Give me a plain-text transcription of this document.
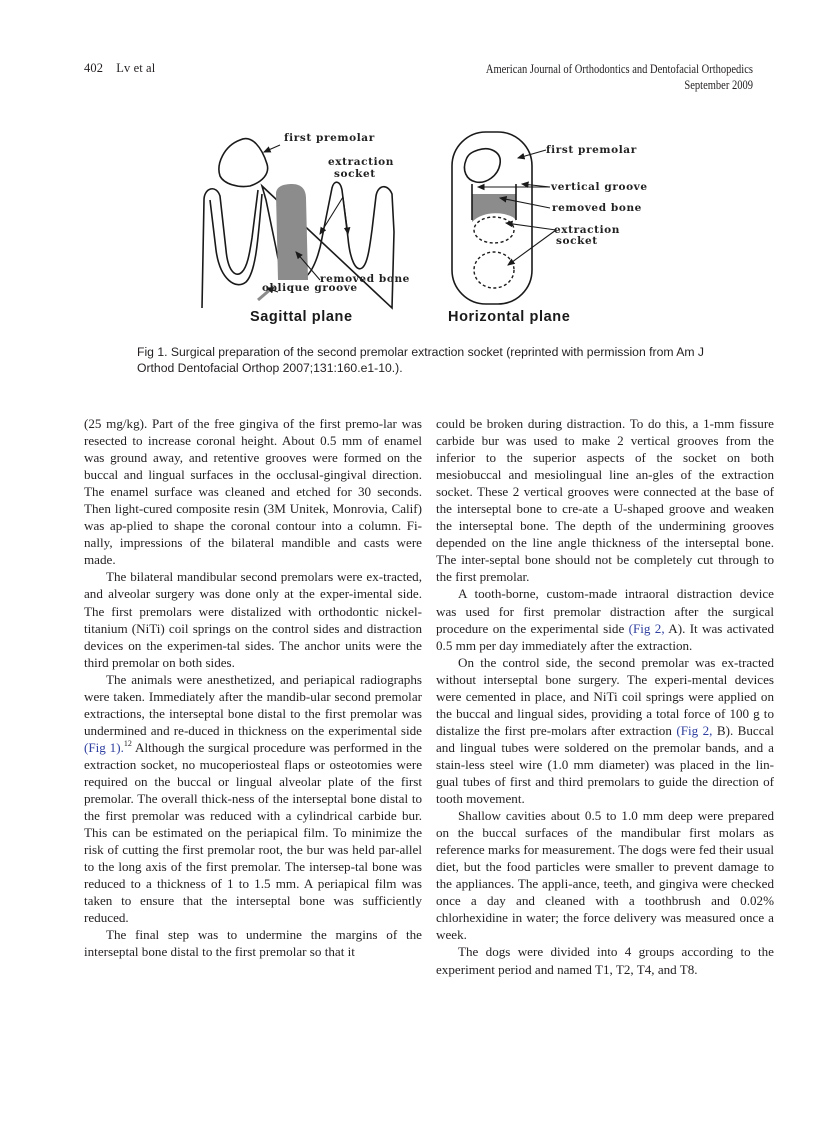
402 Lv et al	American Journal of Orthodontics and Dentofacial Orthopedics
September 2009
first premolar
extraction
socket
removed bone
oblique groove
Sagittal plane
first premolar
vertical groove
removed bone
extraction
socket
Horizontal plane
Fig 1. Surgical preparation of the second premolar extraction socket (reprinted with permission from Am J Orthod Dentofacial Orthop 2007;131:160.e1-10.).

(25 mg/kg). Part of the free gingiva of the first premo-lar was resected to increase coronal height. About 0.5 mm of enamel was ground away, and retentive grooves were formed on the buccal and lingual surfaces in the occlusal-gingival direction. The enamel surface was cleaned and etched for 30 seconds. Then light-cured composite resin (3M Unitek, Monrovia, Calif) was ap-plied to shape the coronal contour into a column. Fi-nally, impressions of the bilateral mandible and casts were made.

The bilateral mandibular second premolars were ex-tracted, and alveolar surgery was done only at the exper-imental side. The first premolars were distalized with orthodontic nickel-titanium (NiTi) coil springs on the control sides and distraction devices on the experimen-tal sides. The anchor units were the third premolar on both sides.

The animals were anesthetized, and periapical radiographs were taken. Immediately after the mandib-ular second premolar extractions, the interseptal bone distal to the first premolar was undermined and re-duced in thickness on the experimental side (Fig 1).$^{12}$ Although the surgical procedure was performed in the extraction socket, no mucoperiosteal flaps or osteotomies were required on the buccal or lingual alveolar plate of the first premolar. The overall thick-ness of the interseptal bone distal to the first premolar was reduced with a cylindrical carbide bur. This can be estimated on the periapical film. To minimize the risk of cutting the first premolar root, the bur was held par-allel to the long axis of the first premolar. The intersep-tal bone was reduced to a thickness of 1 to 1.5 mm. A periapical film was taken to ensure that the interseptal bone was sufficiently reduced.

The final step was to undermine the margins of the interseptal bone distal to the first premolar so that it

could be broken during distraction. To do this, a 1-mm fissure carbide bur was used to make 2 vertical grooves from the inferior to the superior aspects of the socket on both mesiobuccal and mesiolingual line an-gles of the extraction socket. These 2 vertical grooves were connected at the base of the interseptal bone to cre-ate a U-shaped groove and weaken the interseptal bone. The depth of the undermining grooves depended on the line angle thickness of the interseptal bone. The inter-septal bone should not be completely cut through to the first premolar.

A tooth-borne, custom-made intraoral distraction device was used for first premolar distraction after the surgical procedure on the experimental side (Fig 2, A). It was activated 0.5 mm per day immediately after the extraction.

On the control side, the second premolar was ex-tracted without interseptal bone surgery. The experi-mental devices were cemented in place, and NiTi coil springs were applied on the buccal and lingual sides, providing a total force of 100 g to distalize the first pre-molars after extraction (Fig 2, B). Buccal and lingual tubes were soldered on the premolar bands, and a stain-less steel wire (1.0 mm diameter) was placed in the lin-gual tubes of first and third premolars to guide the direction of tooth movement.

Shallow cavities about 0.5 to 1.0 mm deep were prepared on the buccal surfaces of the mandibular first molars as reference marks for measurement. The dogs were fed their usual diet, but the food particles were smaller to prevent damage to the appliances. The appli-ance, teeth, and gingiva were checked once a day and cleaned with a toothbrush and 0.02% chlorhexidine in water; the force delivery was measured once a week.

The dogs were divided into 4 groups according to the experiment period and named T1, T2, T4, and T8.
